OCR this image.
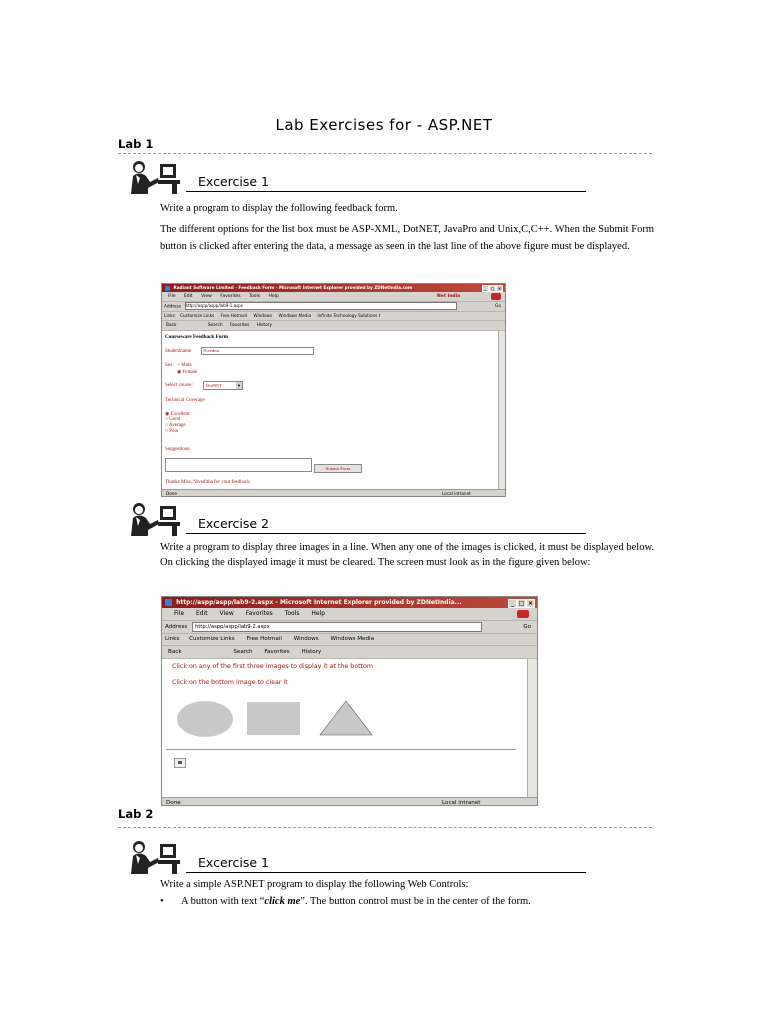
Lab Exercises for - ASP.NET
Lab 1
Excercise 1
Write a program to display the following feedback form.
The different options for the list box must be ASP-XML, DotNET, JavaPro and Unix,C,C++. When the Submit Form button is clicked after entering the data, a message as seen in the last line of the above figure must be displayed.
Radiant Software Limited - Feedback Form - Microsoft Internet Explorer provided by ZDNetIndia.com	_ □ ×
File Edit View Favorites Tools Help	Net India
Address http://aspp/aspp/lab9-1.aspx	Go
Links Customize Links Free Hotmail Windows Windows Media Infinite Technology Solutions t
Back	Search Favorites History
Courseware Feedback Form
Studentname	Nivedita
Sex: ○ Male
◉ Female
Select course:	DotNET	▼
Technical Coverage
◉ Excellent
○ Good
○ Average
○ Poor
Suggestions:
Submit Form
Thanks Miss. Niveditha for your feedback.
Done	Local intranet
Excercise 2
Write a program to display three images in a line. When any one of the images is clicked, it must be displayed below. On clicking the displayed image it must be cleared. The screen must look as in the figure given below:
http://aspp/aspp/lab9-2.aspx - Microsoft Internet Explorer provided by ZDNetIndia...	_ □ ×
File Edit View Favorites Tools Help
Address http://aspp/aspp/lab9-2.aspx	Go
Links Customize Links Free Hotmail Windows Windows Media
Back	Search Favorites History
Click on any of the first three images to display it at the bottom
Click on the bottom image to clear it
Done	Local intranet
Lab 2
Excercise 1
Write a simple ASP.NET program to display the following Web Controls:
• A button with text “click me”. The button control must be in the center of the form.
